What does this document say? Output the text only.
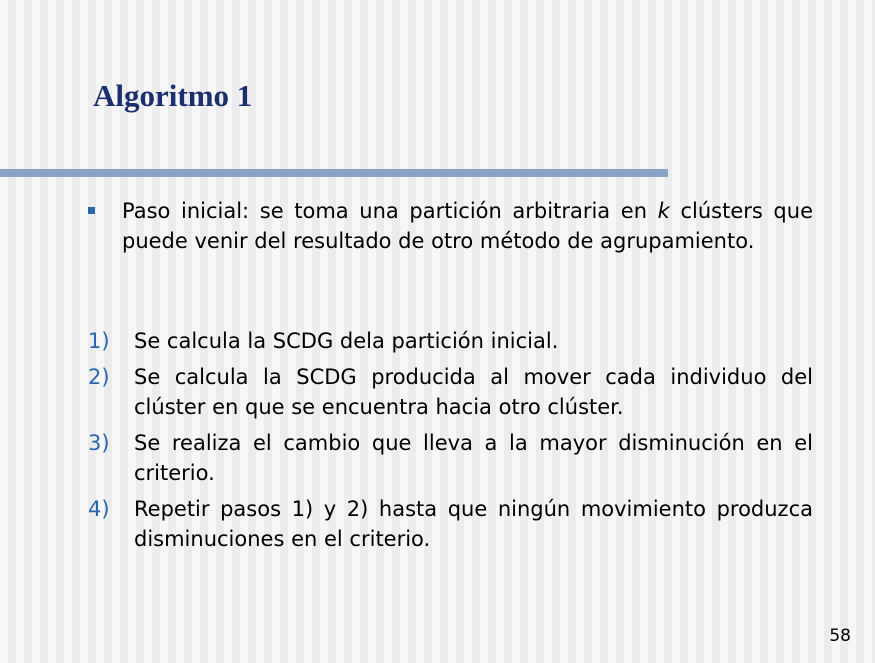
Algoritmo 1
Paso inicial: se toma una partición arbitraria en k clústers que puede venir del resultado de otro método de agrupamiento.
1) Se calcula la SCDG dela partición inicial.
2) Se calcula la SCDG producida al mover cada individuo del clúster en que se encuentra hacia otro clúster.
3) Se realiza el cambio que lleva a la mayor disminución en el criterio.
4) Repetir pasos 1) y 2) hasta que ningún movimiento produzca disminuciones en el criterio.
58
